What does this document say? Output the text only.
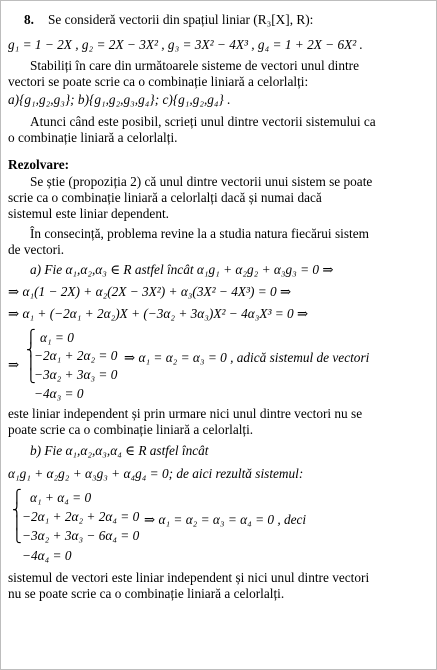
8. Se consideră vectorii din spațiul liniar (R₃[X], R):
g₁ = 1 − 2X , g₂ = 2X − 3X² , g₃ = 3X² − 4X³ , g₄ = 1 + 2X − 6X² .
Stabiliți în care din următoarele sisteme de vectori unul dintre
vectori se poate scrie ca o combinație liniară a celorlalți:
a){g₁,g₂,g₃}; b){g₁,g₂,g₃,g₄}; c){g₁,g₂,g₄} .
Atunci când este posibil, scrieți unul dintre vectorii sistemului ca
o combinație liniară a celorlalți.
Rezolvare:
Se știe (propoziția 2) că unul dintre vectorii unui sistem se poate
scrie ca o combinație liniară a celorlalți dacă și numai dacă
sistemul este liniar dependent.
În consecință, problema revine la a studia natura fiecărui sistem
de vectori.
a) Fie α₁,α₂,α₃ ∈ R astfel încât α₁g₁ + α₂g₂ + α₃g₃ = 0 ⇒
⇒ α₁(1 − 2X) + α₂(2X − 3X²) + α₃(3X² − 4X³) = 0 ⇒
⇒ α₁ + (−2α₁ + 2α₂)X + (−3α₂ + 3α₃)X² − 4α₃X³ = 0 ⇒
⇒
⎧
⎨
⎪
⎩
α₁ = 0
−2α₁ + 2α₂ = 0
−3α₂ + 3α₃ = 0
−4α₃ = 0
⇒ α₁ = α₂ = α₃ = 0 , adică sistemul de vectori
este liniar independent și prin urmare nici unul dintre vectori nu se
poate scrie ca o combinație liniară a celorlalți.
b) Fie α₁,α₂,α₃,α₄ ∈ R astfel încât
α₁g₁ + α₂g₂ + α₃g₃ + α₄g₄ = 0; de aici rezultă sistemul:
⎧
⎨
⎪
⎩
α₁ + α₄ = 0
−2α₁ + 2α₂ + 2α₄ = 0
−3α₂ + 3α₃ − 6α₄ = 0
−4α₄ = 0
⇒ α₁ = α₂ = α₃ = α₄ = 0 , deci
sistemul de vectori este liniar independent și nici unul dintre vectori
nu se poate scrie ca o combinație liniară a celorlalți.
